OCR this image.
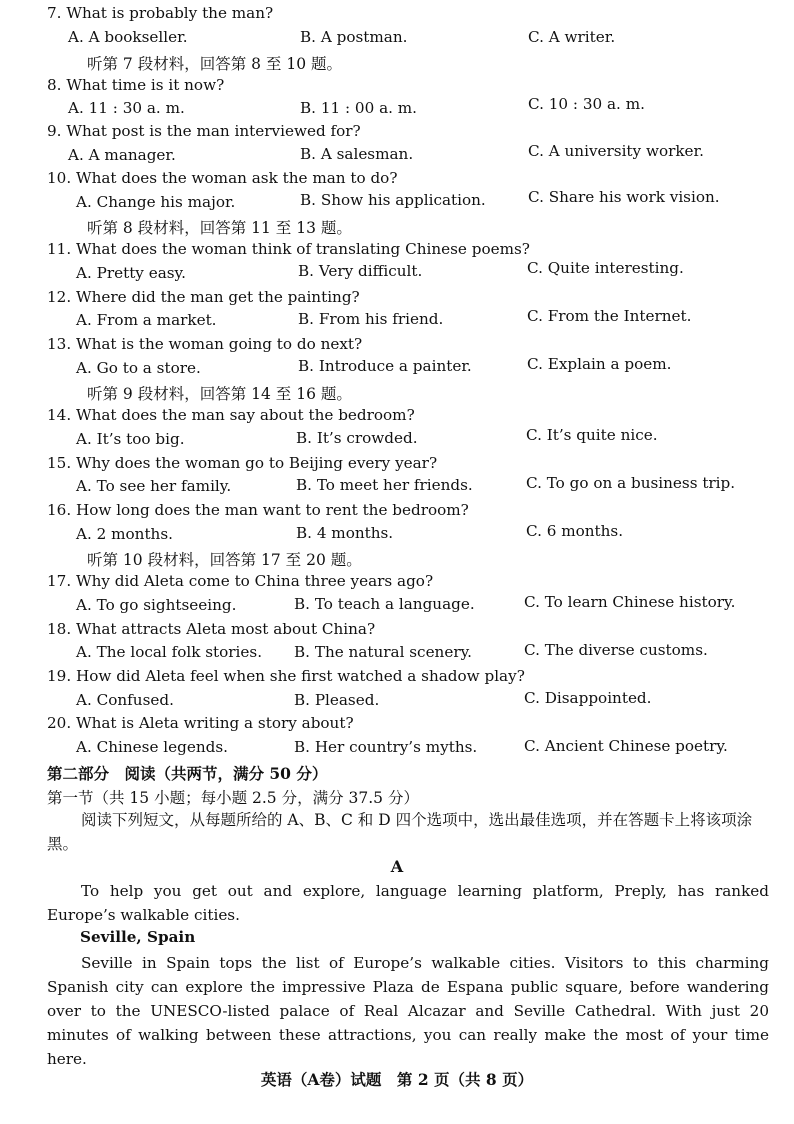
7. What is probably the man?
A. A bookseller.	B. A postman.	C. A writer.
听第 7 段材料，回答第 8 至 10 题。
8. What time is it now?
A. 11 : 30 a. m.	B. 11 : 00 a. m.	C. 10 : 30 a. m.
9. What post is the man interviewed for?
A. A manager.	B. A salesman.	C. A university worker.
10. What does the woman ask the man to do?
A. Change his major.	B. Show his application.	C. Share his work vision.
听第 8 段材料，回答第 11 至 13 题。
11. What does the woman think of translating Chinese poems?
A. Pretty easy.	B. Very difficult.	C. Quite interesting.
12. Where did the man get the painting?
A. From a market.	B. From his friend.	C. From the Internet.
13. What is the woman going to do next?
A. Go to a store.	B. Introduce a painter.	C. Explain a poem.
听第 9 段材料，回答第 14 至 16 题。
14. What does the man say about the bedroom?
A. It’s too big.	B. It’s crowded.	C. It’s quite nice.
15. Why does the woman go to Beijing every year?
A. To see her family.	B. To meet her friends.	C. To go on a business trip.
16. How long does the man want to rent the bedroom?
A. 2 months.	B. 4 months.	C. 6 months.
听第 10 段材料，回答第 17 至 20 题。
17. Why did Aleta come to China three years ago?
A. To go sightseeing.	B. To teach a language.	C. To learn Chinese history.
18. What attracts Aleta most about China?
A. The local folk stories. B. The natural scenery.	C. The diverse customs.
19. How did Aleta feel when she first watched a shadow play?
A. Confused.	B. Pleased.	C. Disappointed.
20. What is Aleta writing a story about?
A. Chinese legends.	B. Her country’s myths.	C. Ancient Chinese poetry.
第二部分　阅读（共两节，满分 50 分）
第一节（共 15 小题；每小题 2.5 分，满分 37.5 分）
阅读下列短文，从每题所给的 A、B、C 和 D 四个选项中，选出最佳选项，并在答题卡上将该项涂黑。
A
To help you get out and explore, language learning platform, Preply, has ranked Europe’s walkable cities.
Seville, Spain
Seville in Spain tops the list of Europe’s walkable cities. Visitors to this charming Spanish city can explore the impressive Plaza de Espana public square, before wandering over to the UNESCO-listed palace of Real Alcazar and Seville Cathedral. With just 20 minutes of walking between these attractions, you can really make the most of your time here.
英语（A卷）试题　第 2 页（共 8 页）
